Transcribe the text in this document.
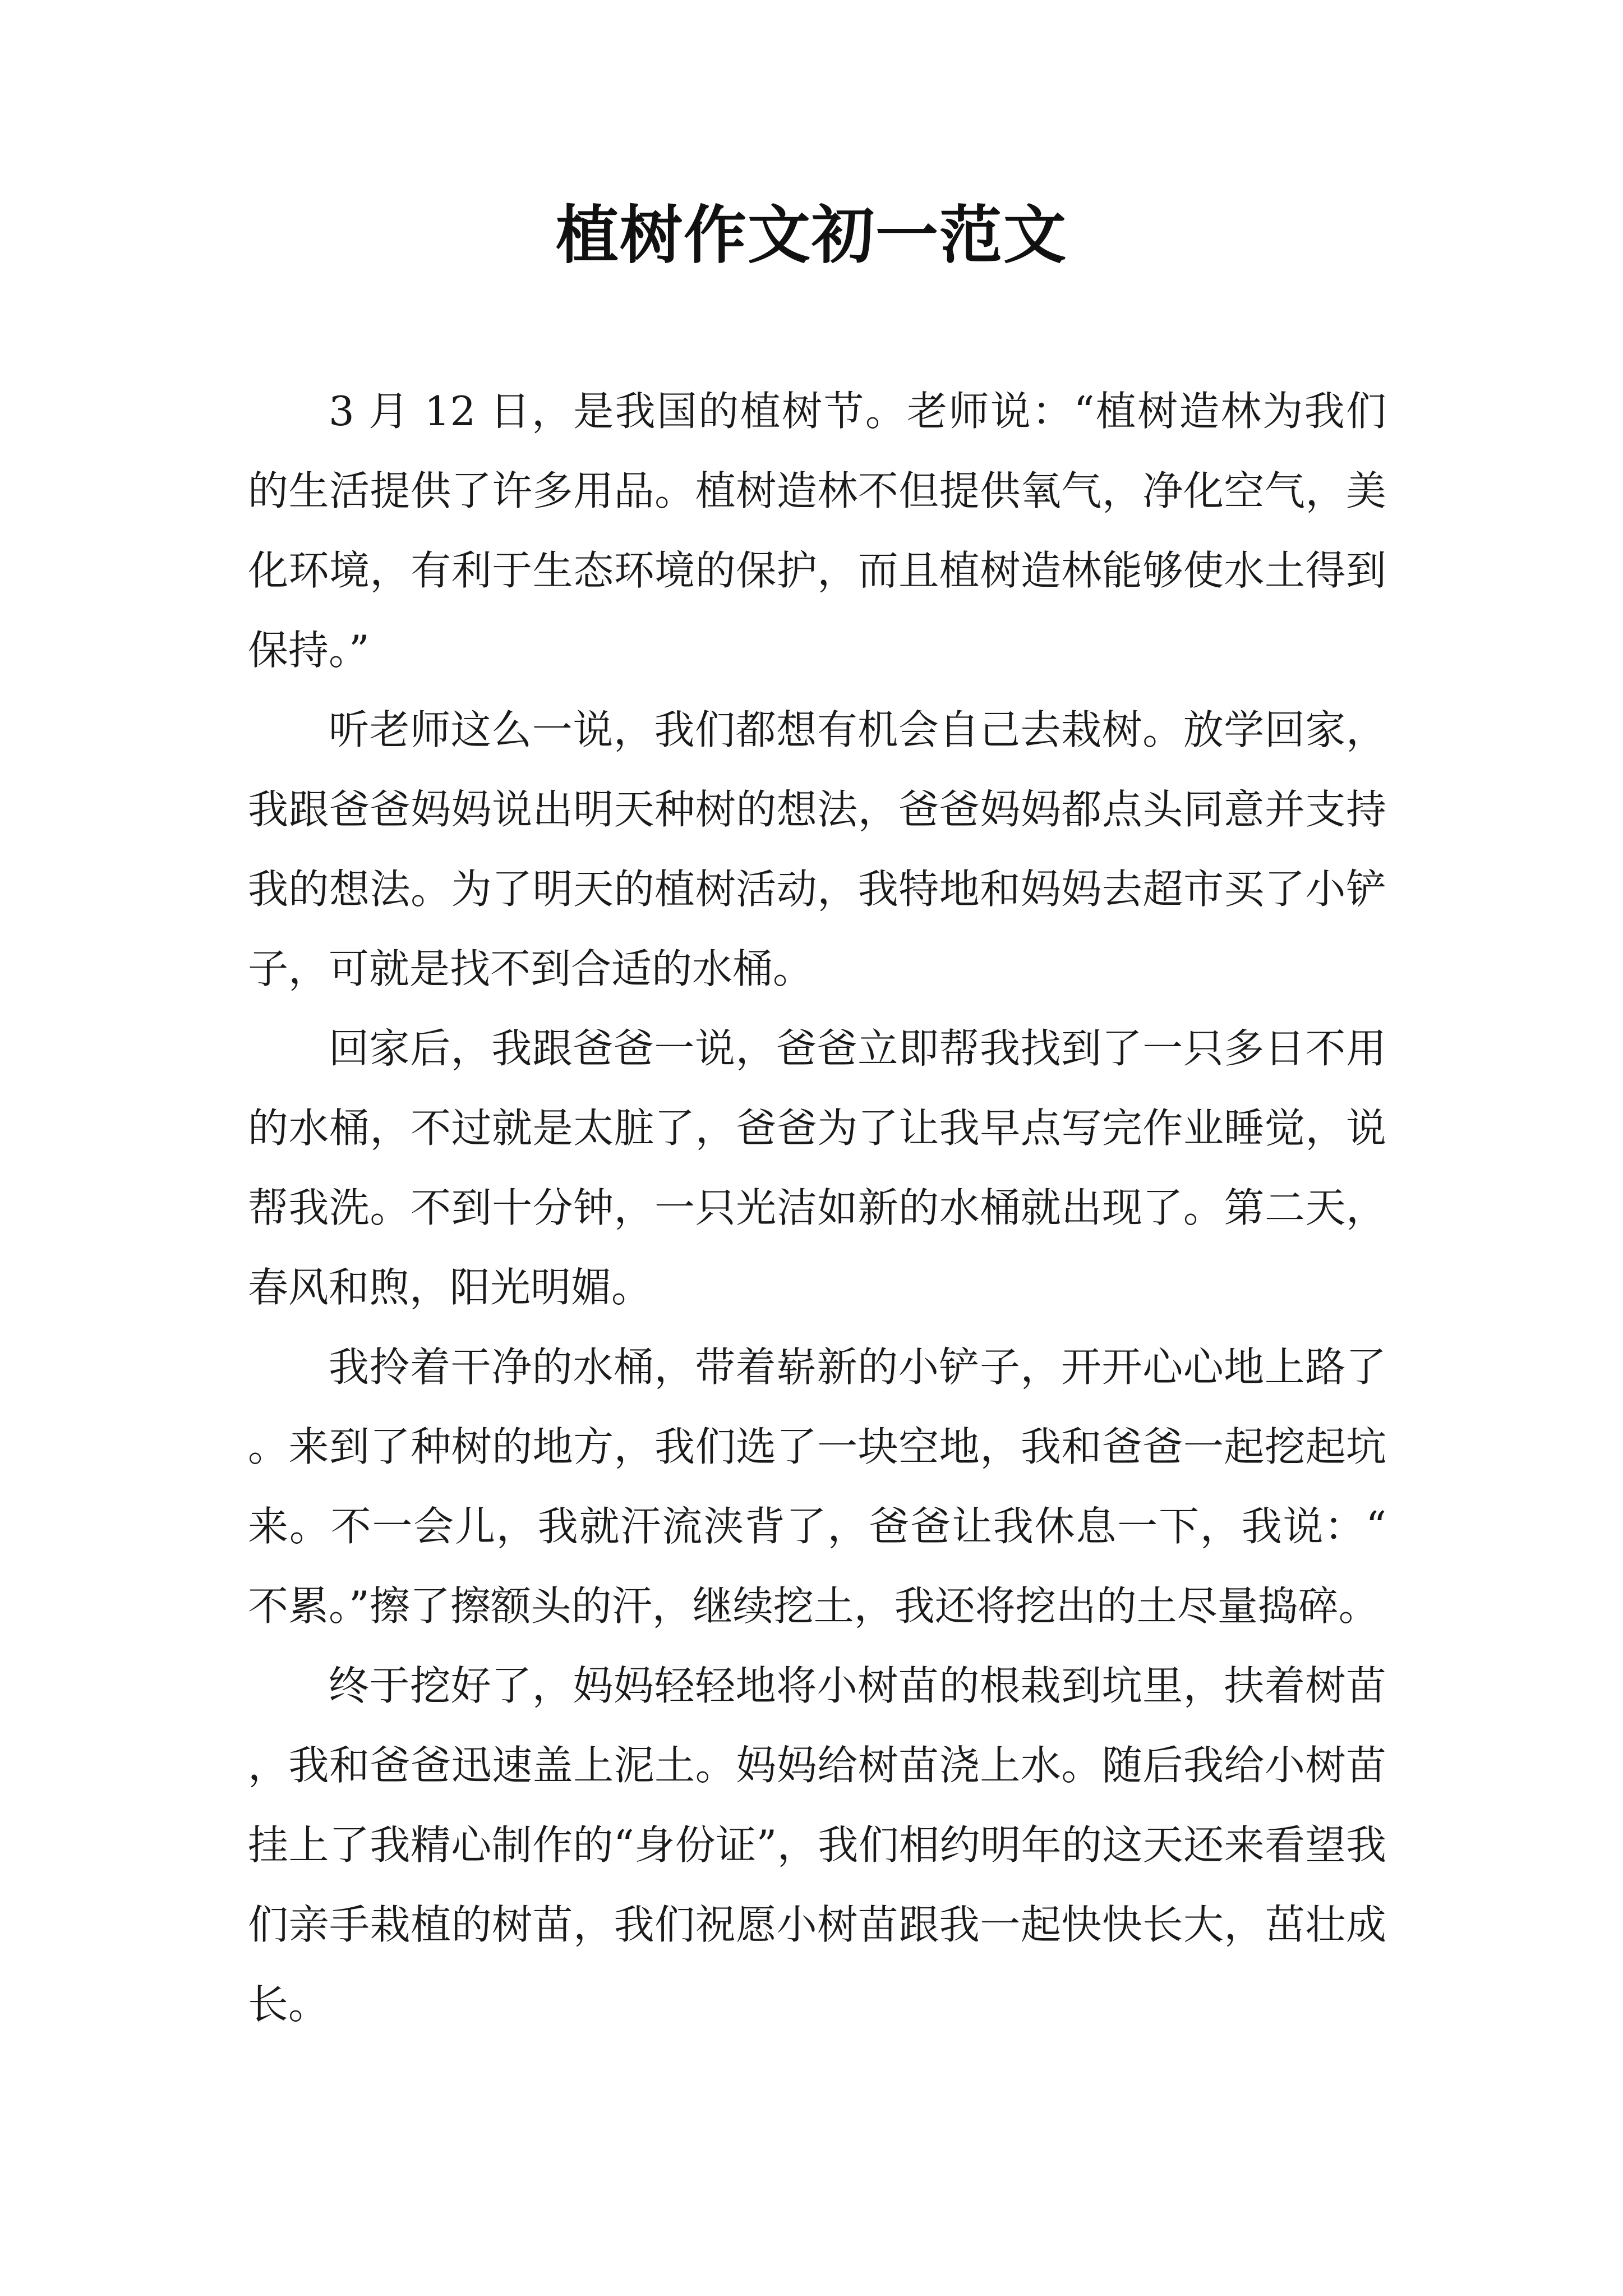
植树作文初一范文

3 月 12 日，是我国的植树节。老师说：“植树造林为我们的生活提供了许多用品。植树造林不但提供氧气，净化空气，美化环境，有利于生态环境的保护，而且植树造林能够使水土得到保持。”

听老师这么一说，我们都想有机会自己去栽树。放学回家，我跟爸爸妈妈说出明天种树的想法，爸爸妈妈都点头同意并支持我的想法。为了明天的植树活动，我特地和妈妈去超市买了小铲子，可就是找不到合适的水桶。

回家后，我跟爸爸一说，爸爸立即帮我找到了一只多日不用的水桶，不过就是太脏了，爸爸为了让我早点写完作业睡觉，说帮我洗。不到十分钟，一只光洁如新的水桶就出现了。第二天，春风和煦，阳光明媚。

我拎着干净的水桶，带着崭新的小铲子，开开心心地上路了。来到了种树的地方，我们选了一块空地，我和爸爸一起挖起坑来。不一会儿，我就汗流浃背了，爸爸让我休息一下，我说：“不累。”擦了擦额头的汗，继续挖土，我还将挖出的土尽量捣碎。

终于挖好了，妈妈轻轻地将小树苗的根栽到坑里，扶着树苗，我和爸爸迅速盖上泥土。妈妈给树苗浇上水。随后我给小树苗挂上了我精心制作的“身份证”，我们相约明年的这天还来看望我们亲手栽植的树苗，我们祝愿小树苗跟我一起快快长大，茁壮成长。
